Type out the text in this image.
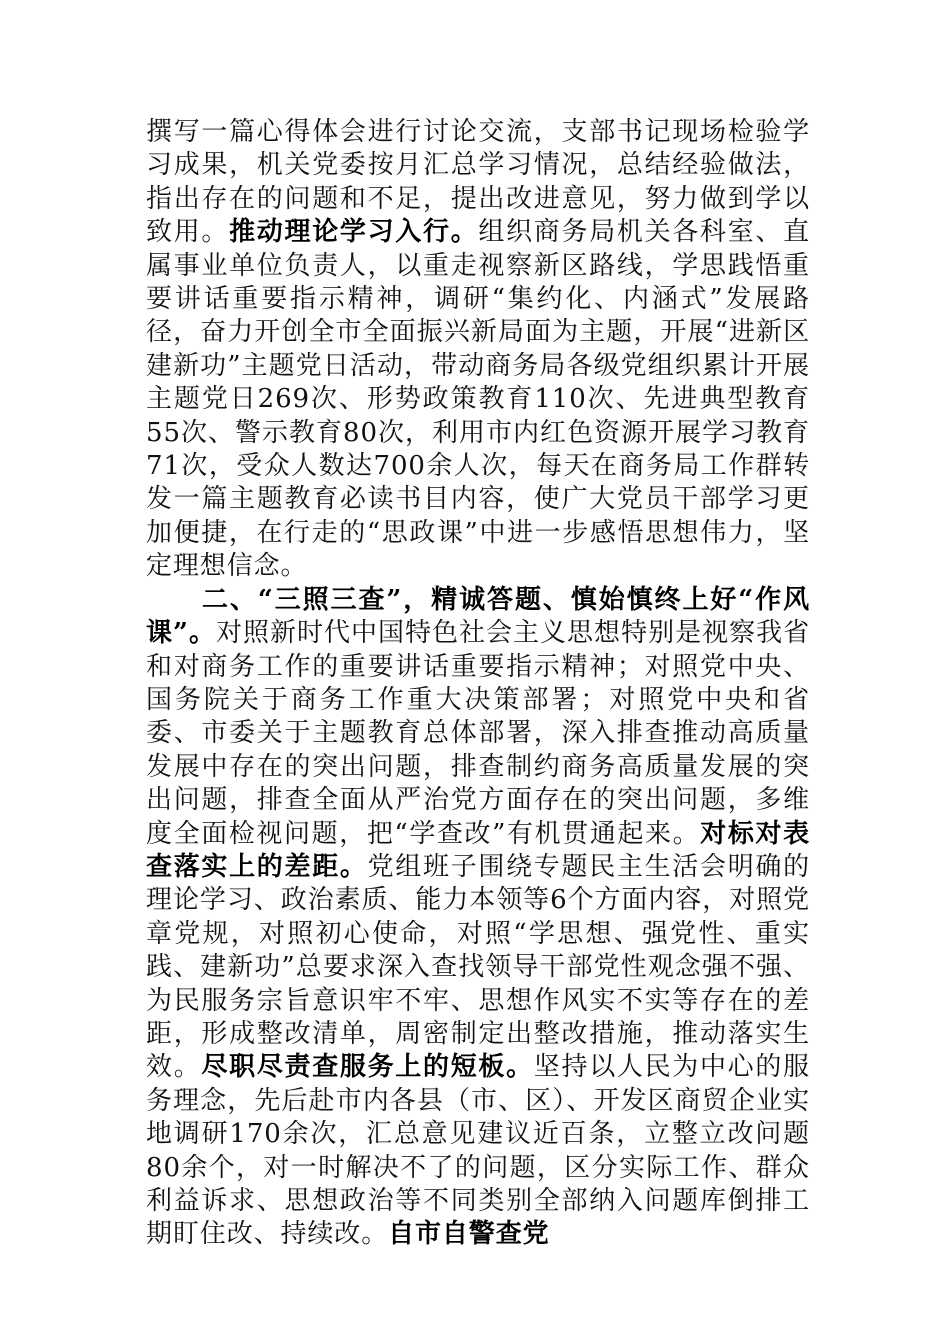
撰写一篇心得体会进行讨论交流，支部书记现场检验学习成果，机关党委按月汇总学习情况，总结经验做法，指出存在的问题和不足，提出改进意见，努力做到学以致用。推动理论学习入行。组织商务局机关各科室、直属事业单位负责人，以重走视察新区路线，学思践悟重要讲话重要指示精神，调研“集约化、内涵式”发展路径，奋力开创全市全面振兴新局面为主题，开展“进新区建新功”主题党日活动，带动商务局各级党组织累计开展主题党日269次、形势政策教育110次、先进典型教育55次、警示教育80次，利用市内红色资源开展学习教育71次，受众人数达700余人次，每天在商务局工作群转发一篇主题教育必读书目内容，使广大党员干部学习更加便捷，在行走的“思政课”中进一步感悟思想伟力，坚定理想信念。

二、“三照三查”，精诚答题、慎始慎终上好“作风课”。对照新时代中国特色社会主义思想特别是视察我省和对商务工作的重要讲话重要指示精神；对照党中央、国务院关于商务工作重大决策部署；对照党中央和省委、市委关于主题教育总体部署，深入排查推动高质量发展中存在的突出问题，排查制约商务高质量发展的突出问题，排查全面从严治党方面存在的突出问题，多维度全面检视问题，把“学查改”有机贯通起来。对标对表查落实上的差距。党组班子围绕专题民主生活会明确的理论学习、政治素质、能力本领等6个方面内容，对照党章党规，对照初心使命，对照“学思想、强党性、重实践、建新功”总要求深入查找领导干部党性观念强不强、为民服务宗旨意识牢不牢、思想作风实不实等存在的差距，形成整改清单，周密制定出整改措施，推动落实生效。尽职尽责查服务上的短板。坚持以人民为中心的服务理念，先后赴市内各县（市、区）、开发区商贸企业实地调研170余次，汇总意见建议近百条，立整立改问题80余个，对一时解决不了的问题，区分实际工作、群众利益诉求、思想政治等不同类别全部纳入问题库倒排工期盯住改、持续改。自市自警查党
